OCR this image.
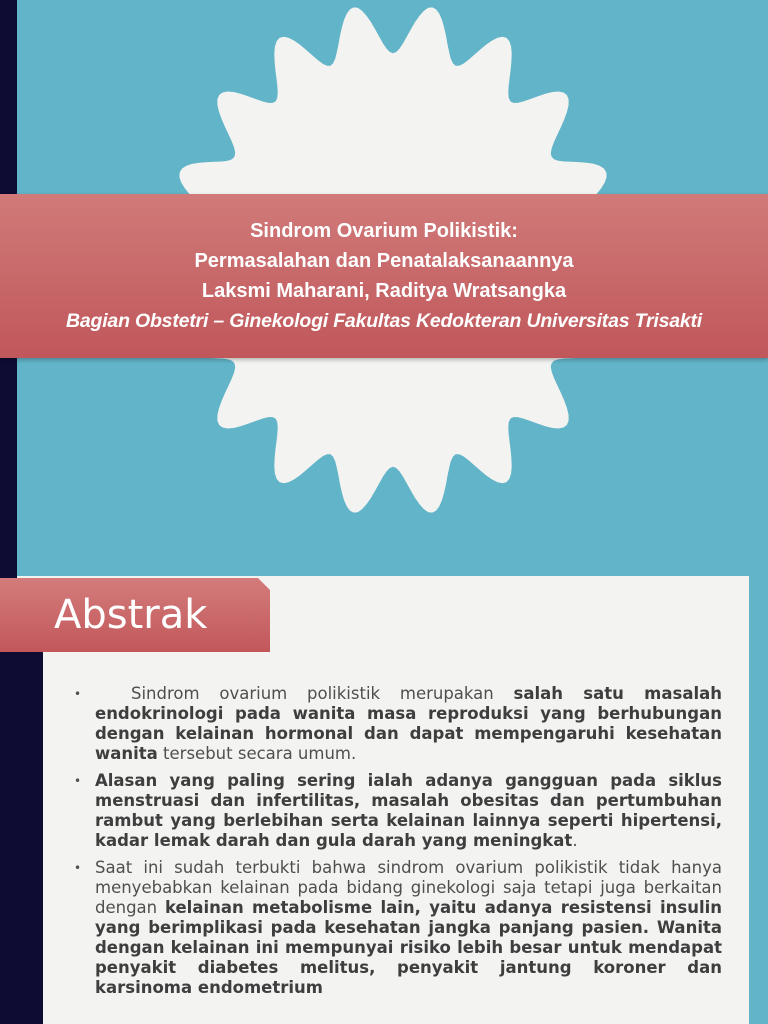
Sindrom Ovarium Polikistik:
Permasalahan dan Penatalaksanaannya
Laksmi Maharani, Raditya Wratsangka
Bagian Obstetri – Ginekologi Fakultas Kedokteran Universitas Trisakti
Abstrak
•	Sindrom ovarium polikistik merupakan salah satu masalah endokrinologi pada wanita masa reproduksi yang berhubungan dengan kelainan hormonal dan dapat mempengaruhi kesehatan wanita tersebut secara umum.
• Alasan yang paling sering ialah adanya gangguan pada siklus menstruasi dan infertilitas, masalah obesitas dan pertumbuhan rambut yang berlebihan serta kelainan lainnya seperti hipertensi, kadar lemak darah dan gula darah yang meningkat.
• Saat ini sudah terbukti bahwa sindrom ovarium polikistik tidak hanya menyebabkan kelainan pada bidang ginekologi saja tetapi juga berkaitan dengan kelainan metabolisme lain, yaitu adanya resistensi insulin yang berimplikasi pada kesehatan jangka panjang pasien. Wanita dengan kelainan ini mempunyai risiko lebih besar untuk mendapat penyakit diabetes melitus, penyakit jantung koroner dan karsinoma endometrium
